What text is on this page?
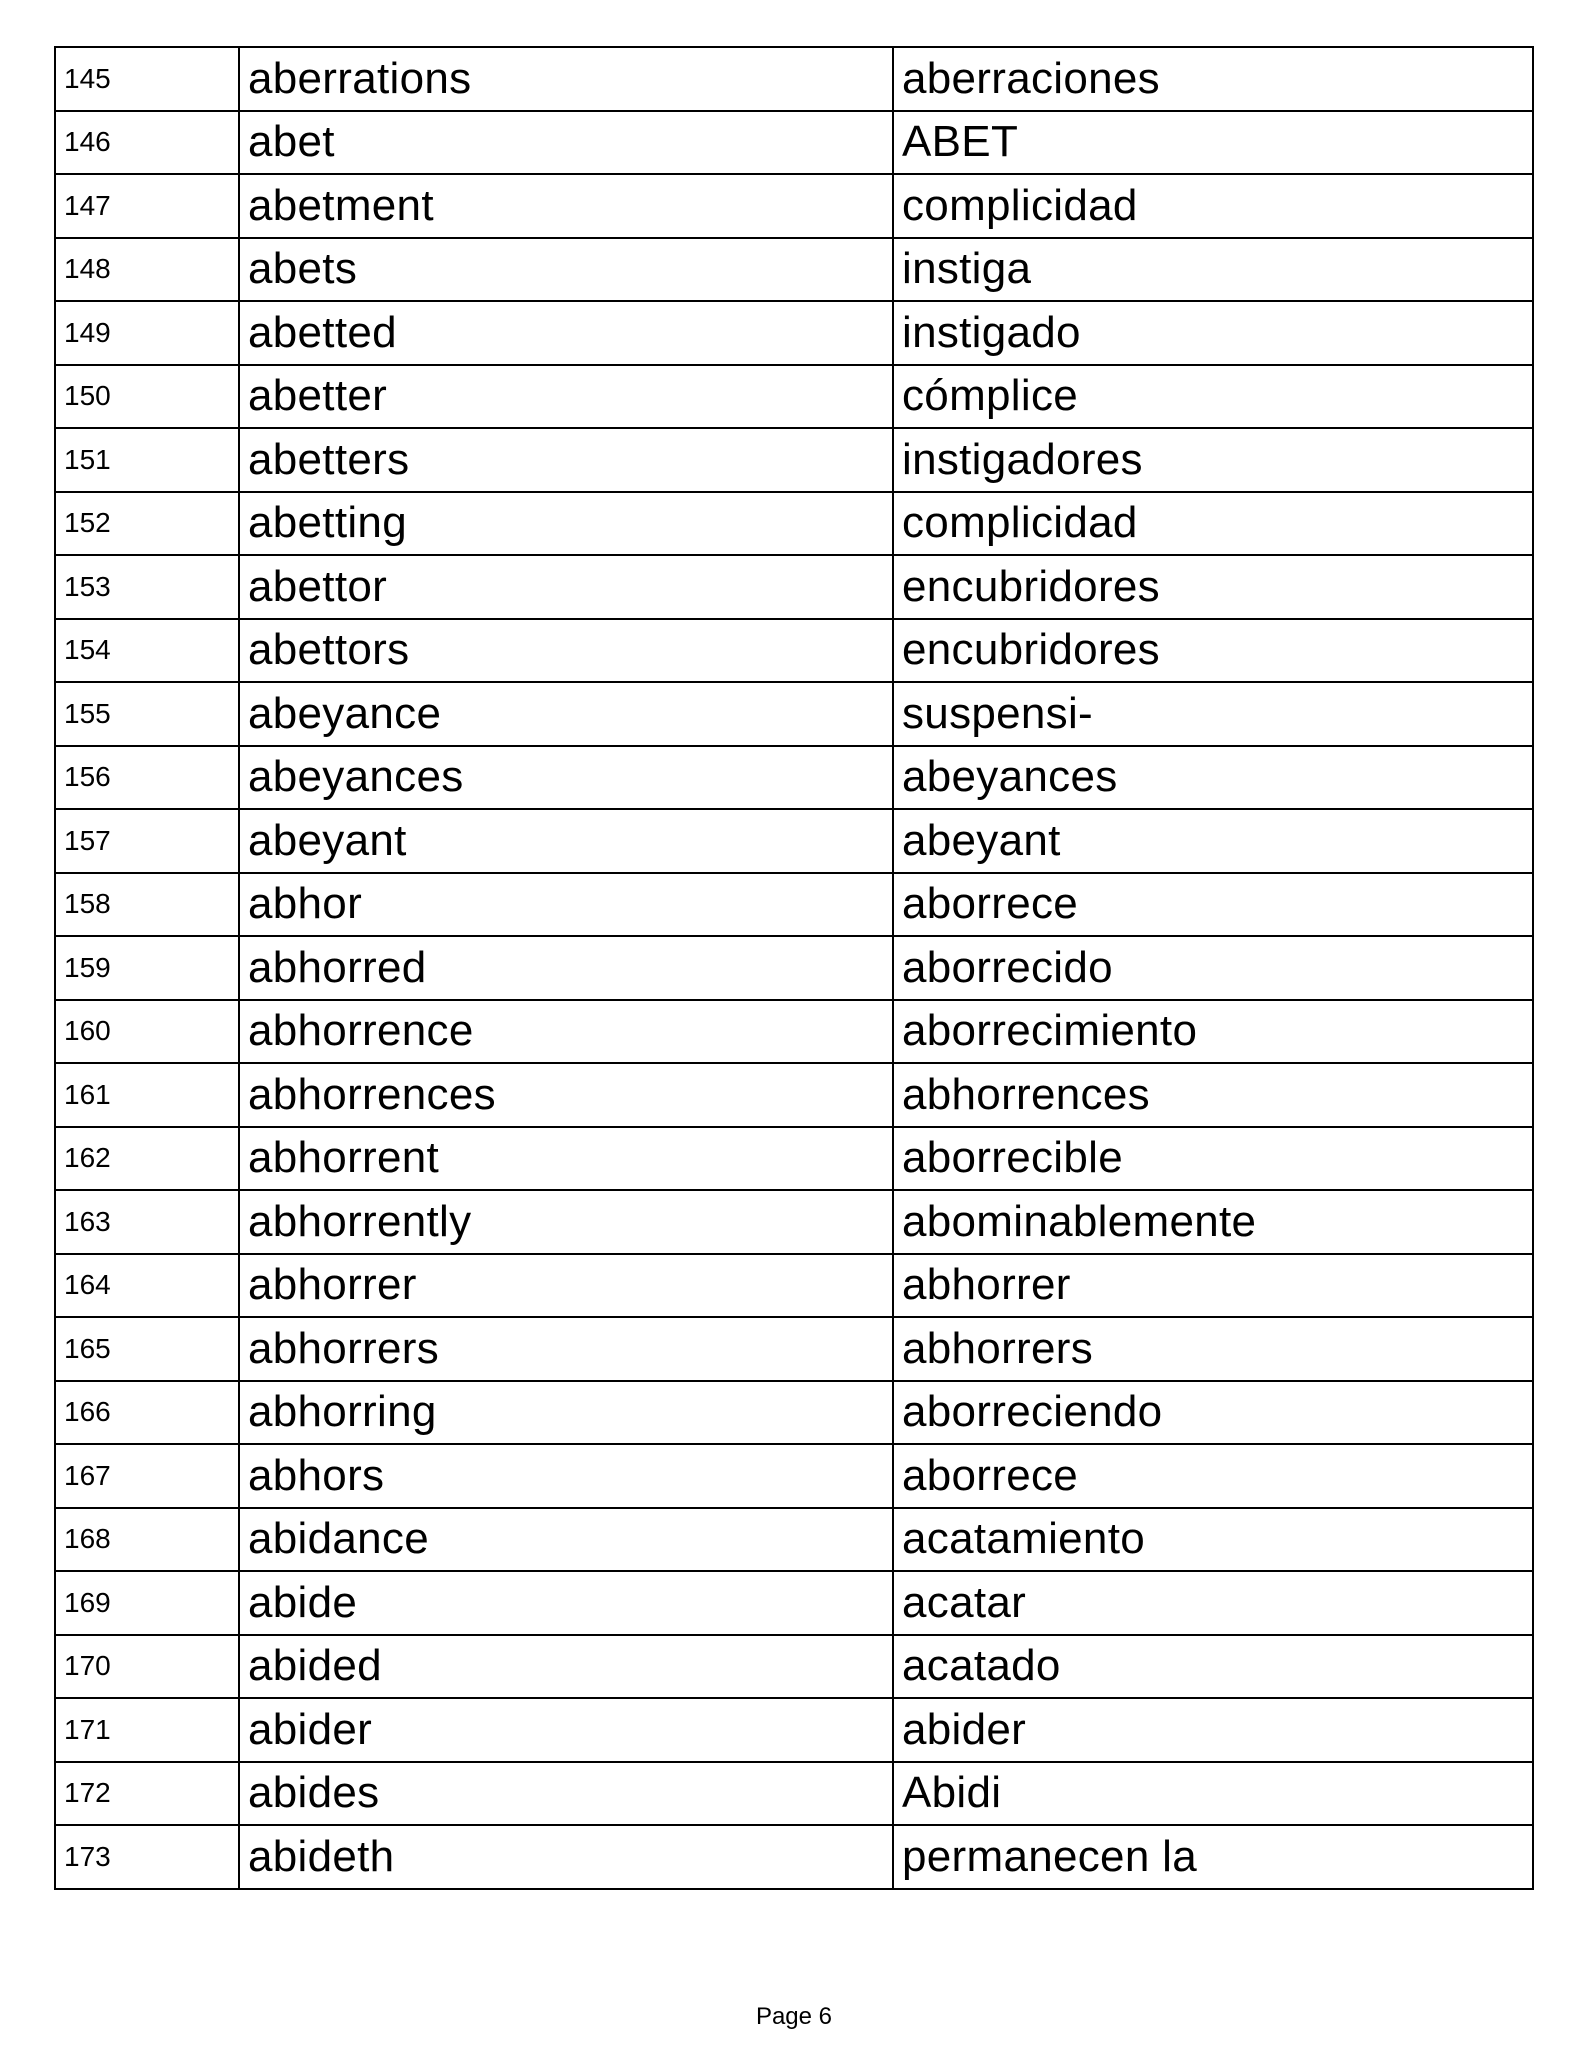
145	aberrations	aberraciones
146	abet	ABET
147	abetment	complicidad
148	abets	instiga
149	abetted	instigado
150	abetter	cómplice
151	abetters	instigadores
152	abetting	complicidad
153	abettor	encubridores
154	abettors	encubridores
155	abeyance	suspensi-
156	abeyances	abeyances
157	abeyant	abeyant
158	abhor	aborrece
159	abhorred	aborrecido
160	abhorrence	aborrecimiento
161	abhorrences	abhorrences
162	abhorrent	aborrecible
163	abhorrently	abominablemente
164	abhorrer	abhorrer
165	abhorrers	abhorrers
166	abhorring	aborreciendo
167	abhors	aborrece
168	abidance	acatamiento
169	abide	acatar
170	abided	acatado
171	abider	abider
172	abides	Abidi
173	abideth	permanecen la
Page 6
